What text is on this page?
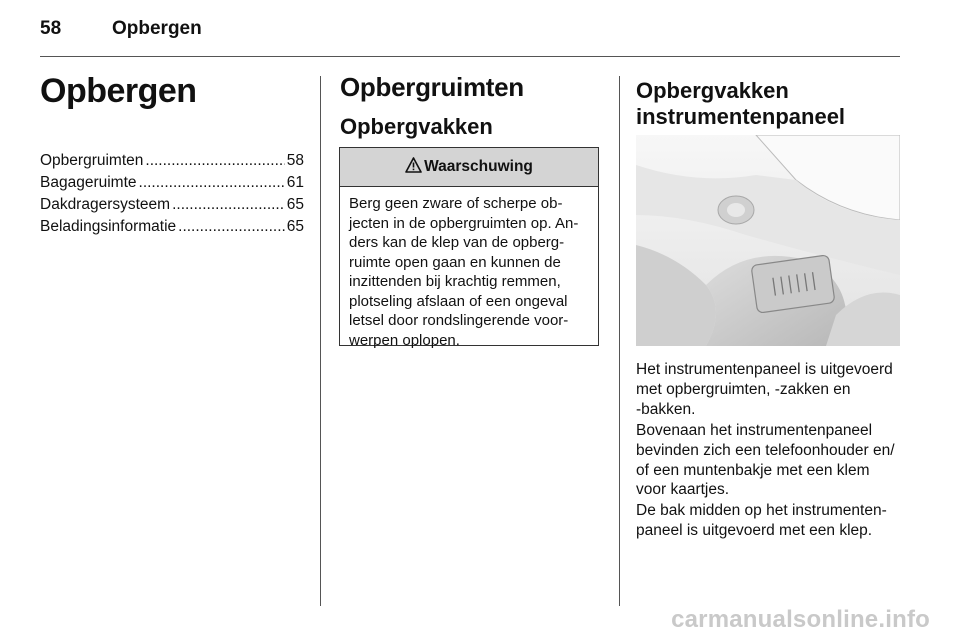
58	Opbergen
Opbergen
Opbergruimten .....	58
Bagageruimte .....	61
Dakdragersysteem .....	65
Beladingsinformatie .....	65
Opbergruimten
Opbergvakken
Waarschuwing

Berg geen zware of scherpe ob-
jecten in de opbergruimten op. An-
ders kan de klep van de opberg-
ruimte open gaan en kunnen de
inzittenden bij krachtig remmen,
plotseling afslaan of een ongeval
letsel door rondslingerende voor-
werpen oplopen.

Opbergvakken
instrumentenpaneel

Het instrumentenpaneel is uitgevoerd
met opbergruimten, -zakken en
-bakken.

Bovenaan het instrumentenpaneel
bevinden zich een telefoonhouder en/
of een muntenbakje met een klem
voor kaartjes.

De bak midden op het instrumenten-
paneel is uitgevoerd met een klep.

carmanualsonline.info
